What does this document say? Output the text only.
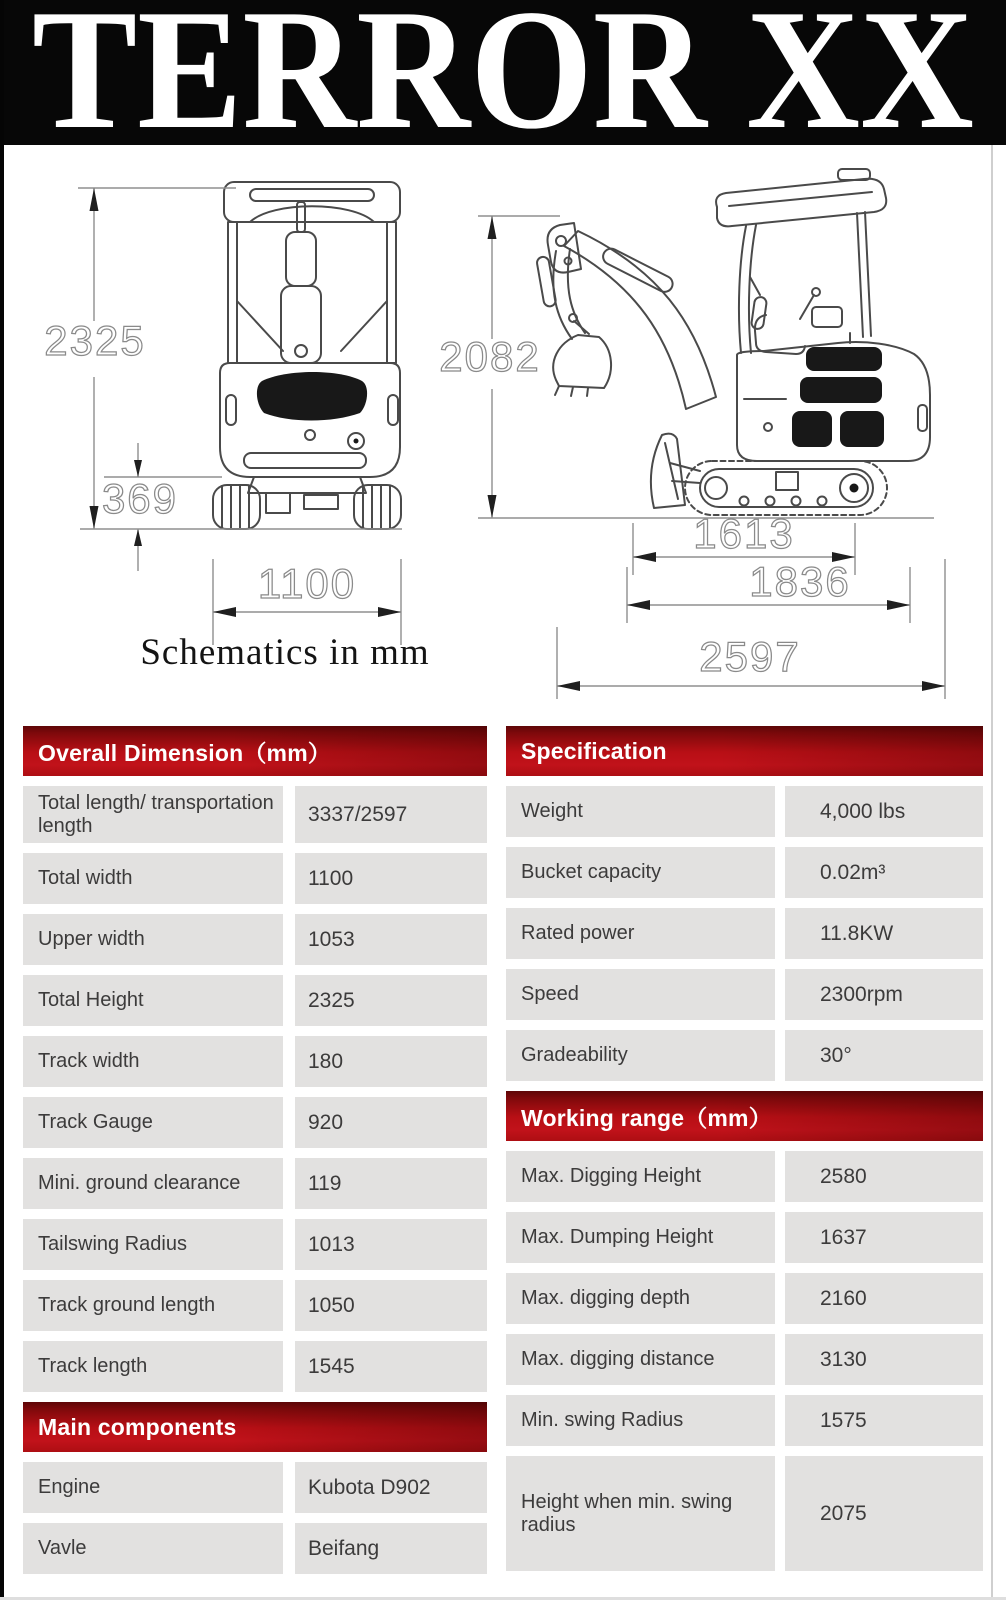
TERROR XX
2325
369
1100
Schematics in mm
2082
1613
1836
2597
Overall Dimension（mm）
Total length/ transportation length	3337/2597
Total width	1100
Upper width	1053
Total Height	2325
Track width	180
Track Gauge	920
Mini. ground clearance	119
Tailswing Radius	1013
Track ground length	1050
Track length	1545
Main components
Engine	Kubota D902
Vavle	Beifang
Specification
Weight	4,000 lbs
Bucket capacity	0.02m³
Rated power	11.8KW
Speed	2300rpm
Gradeability	30°
Working range（mm）
Max. Digging Height	2580
Max. Dumping Height	1637
Max. digging depth	2160
Max. digging distance	3130
Min. swing Radius	1575
Height when min. swing radius	2075
